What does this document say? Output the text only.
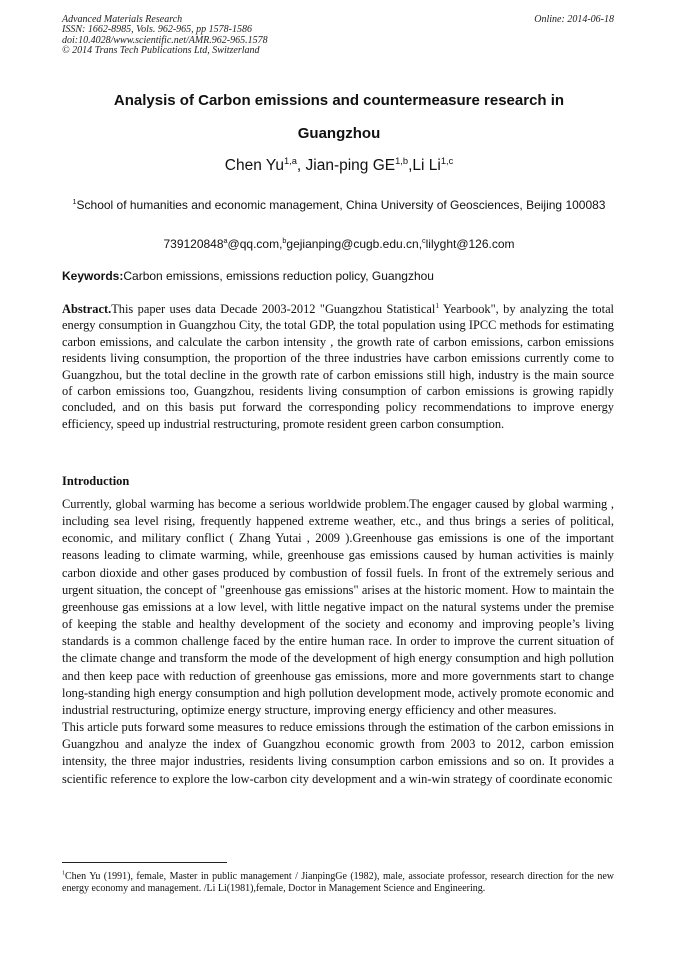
Advanced Materials Research
ISSN: 1662-8985, Vols. 962-965, pp 1578-1586
doi:10.4028/www.scientific.net/AMR.962-965.1578
© 2014 Trans Tech Publications Ltd, Switzerland
Online: 2014-06-18
Analysis of Carbon emissions and countermeasure research in
Guangzhou
Chen Yu$^{1,a}$, Jian-ping GE$^{1,b}$,Li Li$^{1,c}$
$^1$School of humanities and economic management, China University of Geosciences, Beijing 100083
739120848$^a$@qq.com,$^b$gejianping@cugb.edu.cn,$^c$lilyght@126.com
Keywords:Carbon emissions, emissions reduction policy, Guangzhou
Abstract.This paper uses data Decade 2003-2012 "Guangzhou Statistical$^1$ Yearbook", by analyzing the total energy consumption in Guangzhou City, the total GDP, the total population using IPCC methods for estimating carbon emissions, and calculate the carbon intensity , the growth rate of carbon emissions, carbon emissions residents living consumption, the proportion of the three industries have carbon emissions currently come to Guangzhou, but the total decline in the growth rate of carbon emissions still high, industry is the main source of carbon emissions too, Guangzhou, residents living consumption of carbon emissions is growing rapidly concluded, and on this basis put forward the corresponding policy recommendations to improve energy efficiency, speed up industrial restructuring, promote resident green carbon consumption.
Introduction

Currently, global warming has become a serious worldwide problem.The engager caused by global warming , including sea level rising, frequently happened extreme weather, etc., and thus brings a series of political, economic, and military conflict ( Zhang Yutai , 2009 ).Greenhouse gas emissions is one of the important reasons leading to climate warming, while, greenhouse gas emissions caused by human activities is mainly carbon dioxide and other gases produced by combustion of fossil fuels. In front of the extremely serious and urgent situation, the concept of "greenhouse gas emissions" arises at the historic moment. How to maintain the greenhouse gas emissions at a low level, with little negative impact on the natural systems under the premise of keeping the stable and healthy development of the society and economy and improving people’s living standards is a common challenge faced by the entire human race. In order to improve the current situation of the climate change and transform the mode of the development of high energy consumption and high pollution and then keep pace with reduction of greenhouse gas emissions, more and more governments start to change long-standing high energy consumption and high pollution development mode, actively promote economic and industrial restructuring, optimize energy structure, improving energy efficiency and other measures.

This article puts forward some measures to reduce emissions through the estimation of the carbon emissions in Guangzhou and analyze the index of Guangzhou economic growth from 2003 to 2012, carbon emission intensity, the three major industries, residents living consumption carbon emissions and so on. It provides a scientific reference to explore the low-carbon city development and a win-win strategy of coordinate economic

$^1$Chen Yu (1991), female, Master in public management / JianpingGe (1982), male, associate professor, research direction for the new energy economy and management. /Li Li(1981),female, Doctor in Management Science and Engineering.
